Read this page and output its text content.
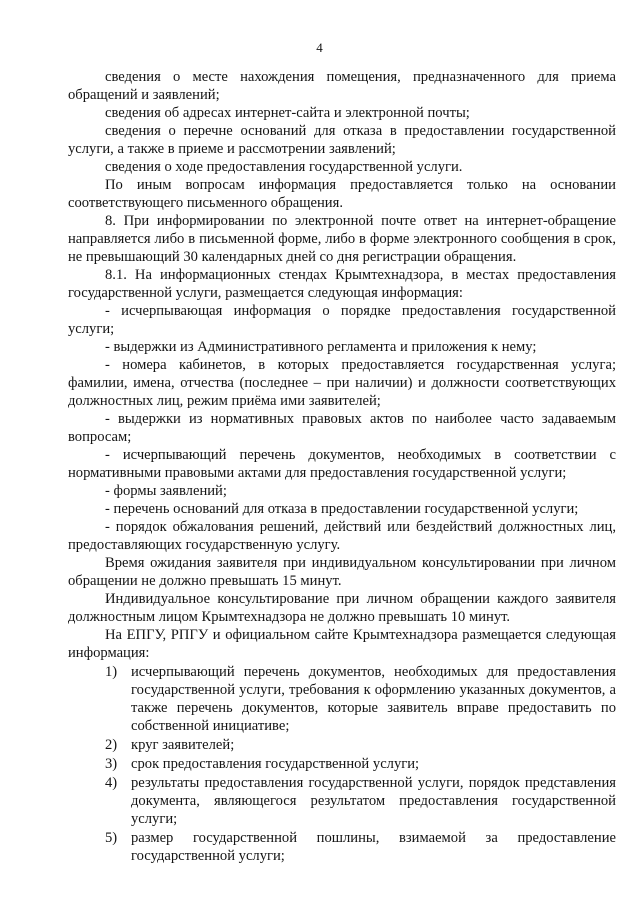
4

сведения о месте нахождения помещения, предназначенного для приема обращений и заявлений;

сведения об адресах интернет-сайта и электронной почты;

сведения о перечне оснований для отказа в предоставлении государственной услуги, а также в приеме и рассмотрении заявлений;

сведения о ходе предоставления государственной услуги.

По иным вопросам информация предоставляется только на основании соответствующего письменного обращения.

8. При информировании по электронной почте ответ на интернет-обращение направляется либо в письменной форме, либо в форме электронного сообщения в срок, не превышающий 30 календарных дней со дня регистрации обращения.

8.1. На информационных стендах Крымтехнадзора, в местах предоставления государственной услуги, размещается следующая информация:

- исчерпывающая информация о порядке предоставления государственной услуги;

- выдержки из Административного регламента и приложения к нему;

- номера кабинетов, в которых предоставляется государственная услуга; фамилии, имена, отчества (последнее – при наличии) и должности соответствующих должностных лиц, режим приёма ими заявителей;

- выдержки из нормативных правовых актов по наиболее часто задаваемым вопросам;

- исчерпывающий перечень документов, необходимых в соответствии с нормативными правовыми актами для предоставления государственной услуги;

- формы заявлений;

- перечень оснований для отказа в предоставлении государственной услуги;

- порядок обжалования решений, действий или бездействий должностных лиц, предоставляющих государственную услугу.

Время ожидания заявителя при индивидуальном консультировании при личном обращении не должно превышать 15 минут.

Индивидуальное консультирование при личном обращении каждого заявителя должностным лицом Крымтехнадзора не должно превышать 10 минут.

На ЕПГУ, РПГУ и официальном сайте Крымтехнадзора размещается следующая информация:

1) исчерпывающий перечень документов, необходимых для предоставления государственной услуги, требования к оформлению указанных документов, а также перечень документов, которые заявитель вправе предоставить по собственной инициативе;
2) круг заявителей;
3) срок предоставления государственной услуги;
4) результаты предоставления государственной услуги, порядок представления документа, являющегося результатом предоставления государственной услуги;
5) размер государственной пошлины, взимаемой за предоставление государственной услуги;
